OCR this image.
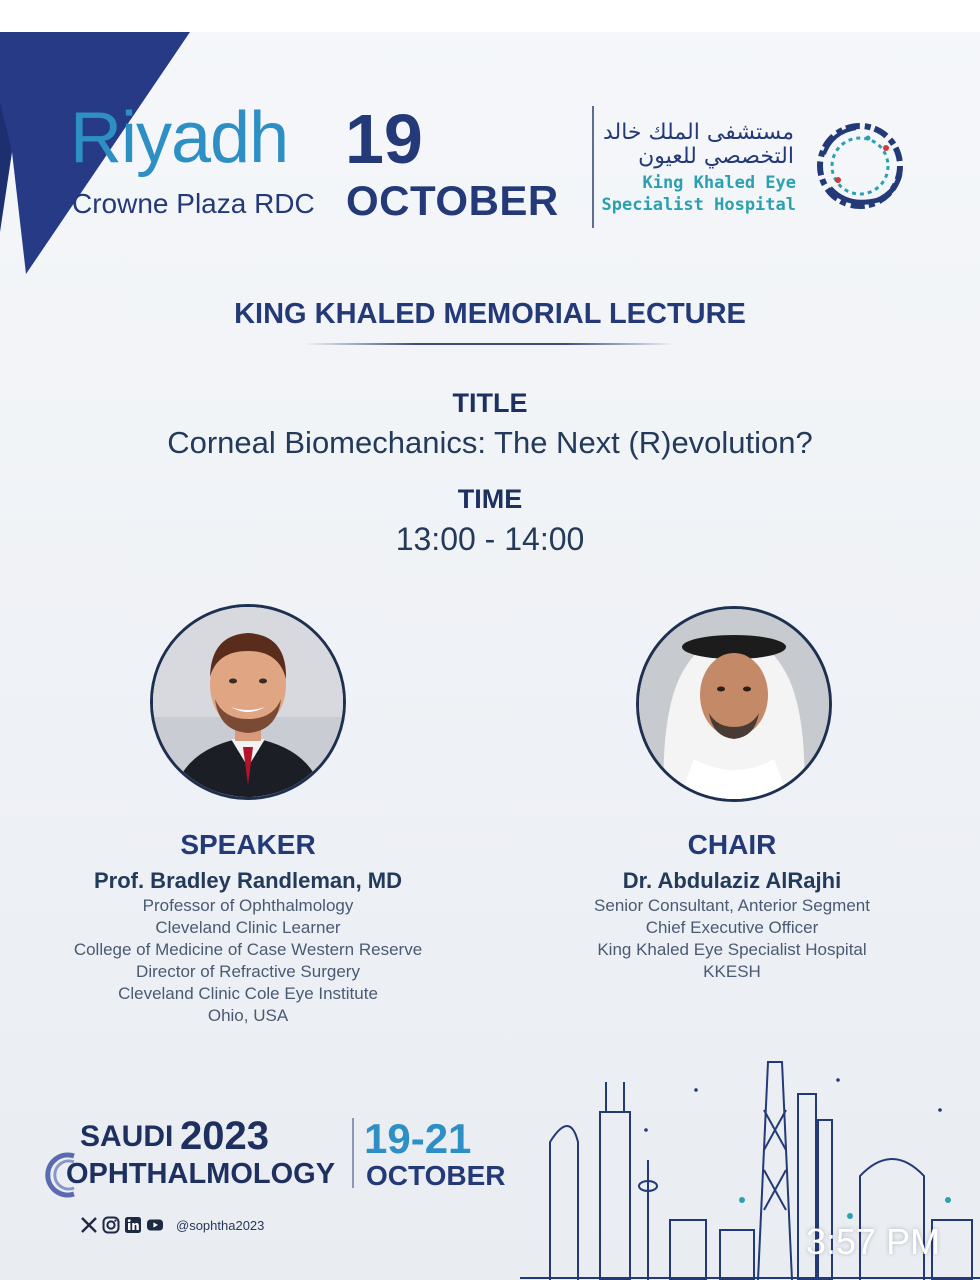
Riyadh
Crowne Plaza RDC
19
OCTOBER
مستشفى الملك خالد
التخصصي للعيون
King Khaled Eye
Specialist Hospital
KING KHALED MEMORIAL LECTURE
TITLE
Corneal Biomechanics: The Next (R)evolution?
TIME
13:00 - 14:00
SPEAKER
Prof. Bradley Randleman, MD
Professor of Ophthalmology
Cleveland Clinic Learner
College of Medicine of Case Western Reserve
Director of Refractive Surgery
Cleveland Clinic Cole Eye Institute
Ohio, USA
CHAIR
Dr. Abdulaziz AlRajhi
Senior Consultant, Anterior Segment
Chief Executive Officer
King Khaled Eye Specialist Hospital
KKESH
SAUDI 2023
OPHTHALMOLOGY
19-21
OCTOBER
@sophtha2023	3:57 PM
